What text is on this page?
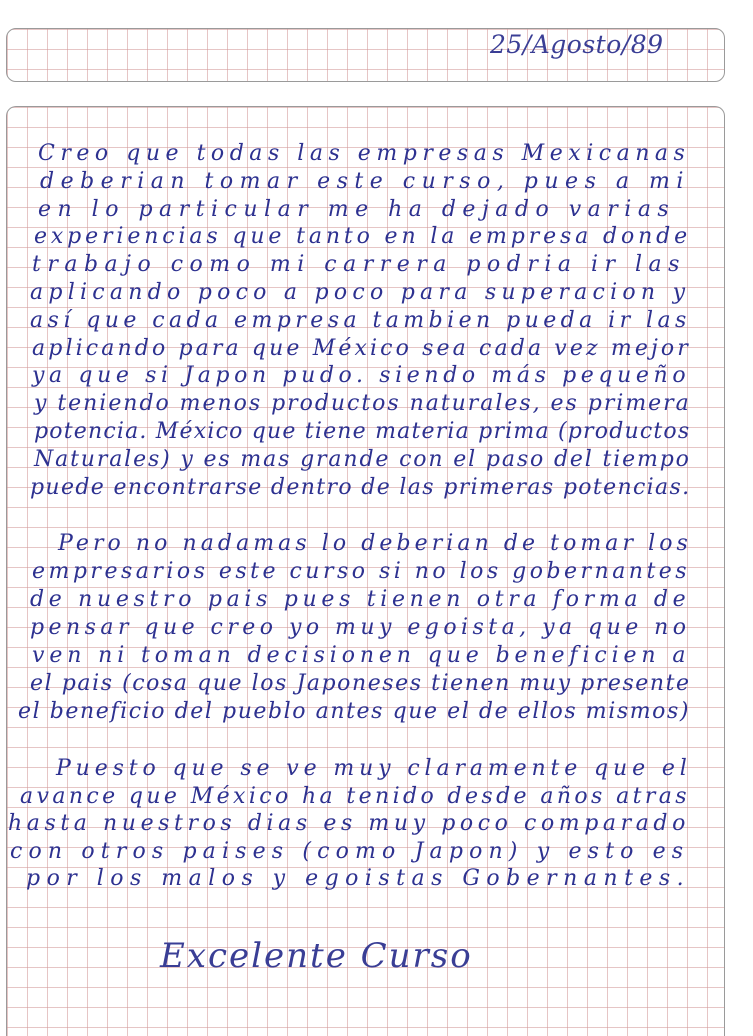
25/Agosto/89
Creo que todas las empresas Mexicanas
deberian tomar este curso, pues a mi
en lo particular me ha dejado varias
experiencias que tanto en la empresa donde
trabajo como mi carrera podria ir las
aplicando poco a poco para superacion y
así que cada empresa tambien pueda ir las
aplicando para que México sea cada vez mejor
ya que si Japon pudo. siendo más pequeño
y teniendo menos productos naturales, es primera
potencia. México que tiene materia prima (productos
Naturales) y es mas grande con el paso del tiempo
puede encontrarse dentro de las primeras potencias.
Pero no nadamas lo deberian de tomar los
empresarios este curso si no los gobernantes
de nuestro pais pues tienen otra forma de
pensar que creo yo muy egoista, ya que no
ven ni toman decisionen que beneficien a
el pais (cosa que los Japoneses tienen muy presente
el beneficio del pueblo antes que el de ellos mismos)
Puesto que se ve muy claramente que el
avance que México ha tenido desde años atras
hasta nuestros dias es muy poco comparado
con otros paises (como Japon) y esto es
por los malos y egoistas Gobernantes.
Excelente Curso
